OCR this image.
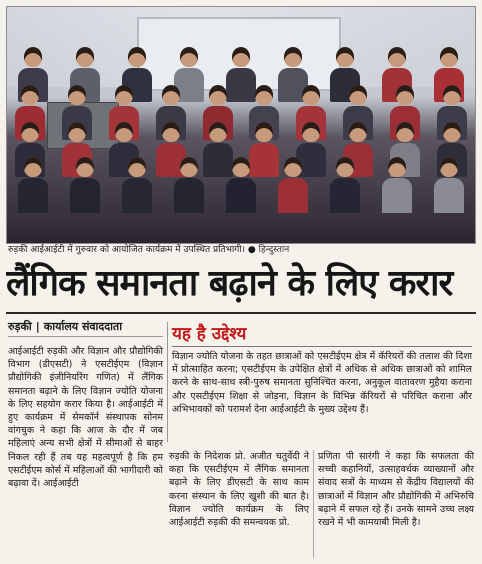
रुड़की आईआईटी में गुरुवार को आयोजित कार्यक्रम में उपस्थित प्रतिभागी। ● हिन्दुस्तान
लैंगिक समानता बढ़ाने के लिए करार
रुड़की | कार्यालय संवाददाता
आईआईटी रुड़की और विज्ञान और प्रौद्योगिकी विभाग (डीएसटी) ने एसटीईएम (विज्ञान प्रौद्योगिकी इंजीनियरिंग गणित) में लैंगिक समानता बढ़ाने के लिए विज्ञान ज्योति योजना के लिए सहयोग करार किया है। आईआईटी में हुए कार्यक्रम में सेमकॉर्न संस्थापक सोनम वांगचुक ने कहा कि आज के दौर में जब महिलाएं अन्य सभी क्षेत्रों में सीमाओं से बाहर निकल रही हैं तब यह महत्वपूर्ण है कि हम एसटीईएम कोर्स में महिलाओं की भागीदारी को बढ़ावा दें। आईआईटी
यह है उद्देश्य
विज्ञान ज्योति योजना के तहत छात्राओं को एसटीईएम क्षेत्र में कॅरियरों की तलाश की दिशा में प्रोत्साहित करना; एसटीईएम के उपेक्षित क्षेत्रों में अधिक से अधिक छात्राओं को शामिल करने के साथ-साथ स्त्री-पुरुष समानता सुनिश्चित करना, अनुकूल वातावरण मुहैया कराना और एसटीईएम शिक्षा से जोड़ना, विज्ञान के विभिन्न कॅरियरों से परिचित कराना और अभिभावकों को परामर्श देना आईआईटी के मुख्य उद्देश्य हैं।
रुड़की के निदेशक प्रो. अजीत चतुर्वेदी ने कहा कि एसटीईएम में लैंगिक समानता बढ़ाने के लिए डीएसटी के साथ काम करना संस्थान के लिए खुशी की बात है। विज्ञान ज्योति कार्यक्रम के लिए आईआईटी रुड़की की समन्वयक प्रो.
प्रणिता पी सारंगी ने कहा कि सफलता की सच्ची कहानियों, उत्साहवर्धक व्याख्यानों और संवाद सत्रों के माध्यम से केंद्रीय विद्यालयों की छात्राओं में विज्ञान और प्रौद्योगिकी में अभिरुचि बढ़ाने में सफल रहे हैं। उनके सामने उच्च लक्ष्य रखने में भी कामयाबी मिली है।
